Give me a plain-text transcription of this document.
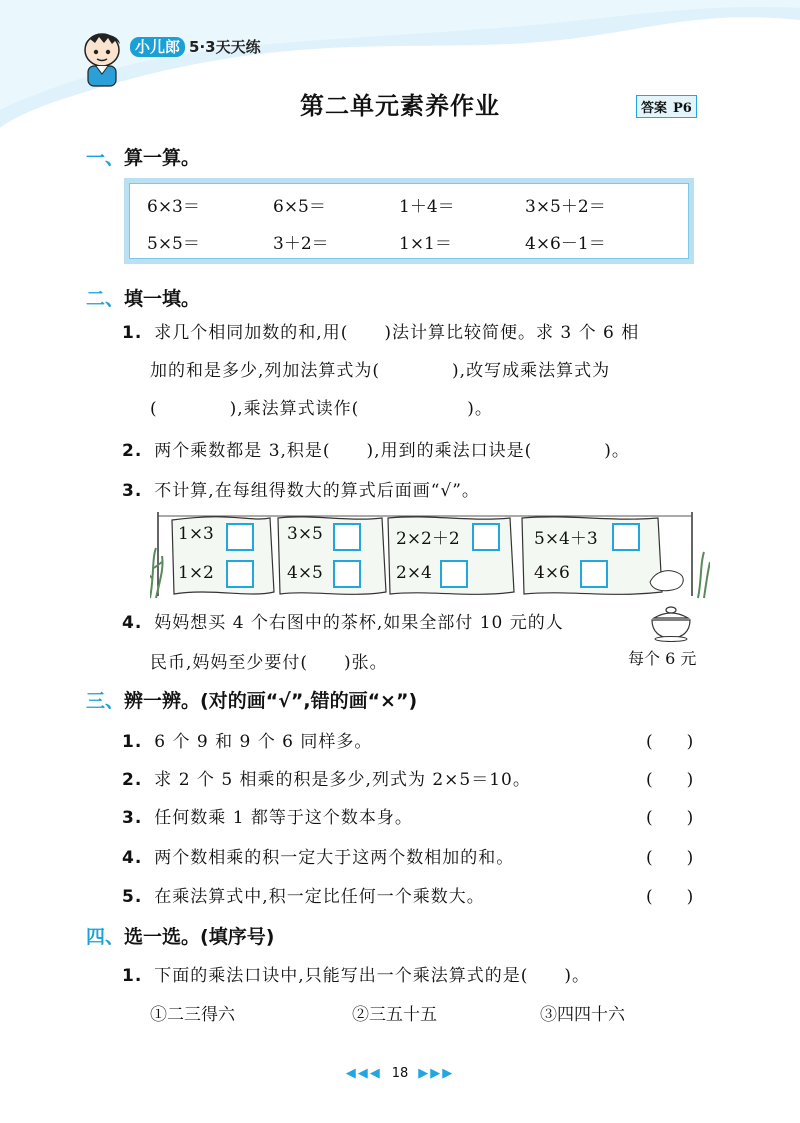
小儿郎 5·3天天练
第二单元素养作业	答案 P6
一、算一算。
6×3＝	6×5＝	1＋4＝	3×5＋2＝
5×5＝	3＋2＝	1×1＝	4×6－1＝
二、填一填。
1. 求几个相同加数的和,用(　　)法计算比较简便。求 3 个 6 相
加的和是多少,列加法算式为(　　　　),改写成乘法算式为
(　　　　),乘法算式读作(　　　　　　)。
2. 两个乘数都是 3,积是(　　),用到的乘法口诀是(　　　　)。
3. 不计算,在每组得数大的算式后面画“√”。
1×3
1×2
3×5
4×5
2×2＋2
2×4
5×4＋3
4×6
4. 妈妈想买 4 个右图中的茶杯,如果全部付 10 元的人
民币,妈妈至少要付(　　)张。	每个 6 元
三、辨一辨。(对的画“√”,错的画“×”)
1. 6 个 9 和 9 个 6 同样多。	(　　)
2. 求 2 个 5 相乘的积是多少,列式为 2×5＝10。	(　　)
3. 任何数乘 1 都等于这个数本身。	(　　)
4. 两个数相乘的积一定大于这两个数相加的和。	(　　)
5. 在乘法算式中,积一定比任何一个乘数大。	(　　)
四、选一选。(填序号)
1. 下面的乘法口诀中,只能写出一个乘法算式的是(　　)。
①二三得六	②三五十五	③四四十六
◀◀◀ 18 ▶▶▶
